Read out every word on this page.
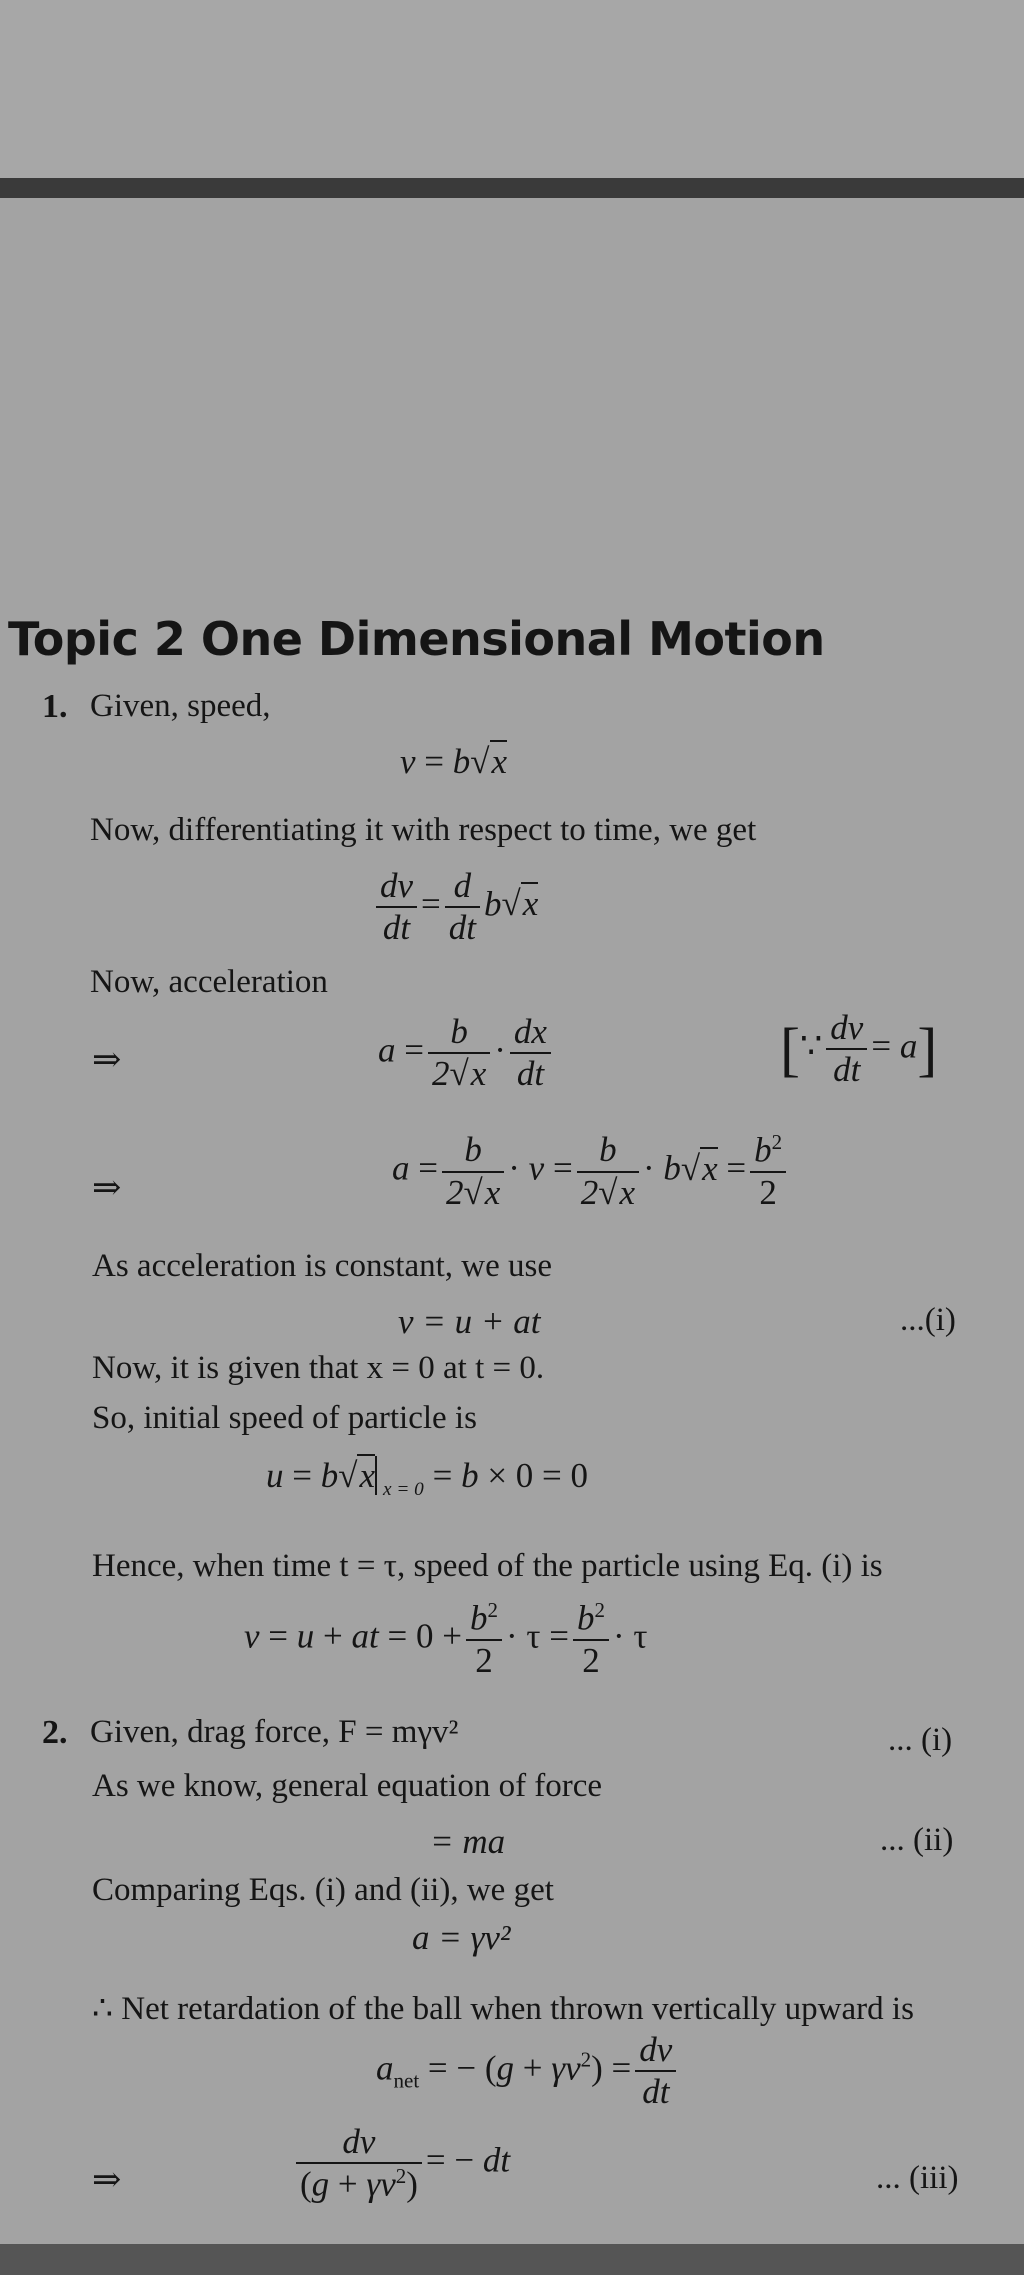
Topic 2 One Dimensional Motion
1. Given, speed,
v = b√x
Now, differentiating it with respect to time, we get
$\frac{dv}{dt} = \frac{d}{dt} b√x$
Now, acceleration
⇒	$a = \frac{b}{2√x} \cdot \frac{dx}{dt}$	[∵ $\frac{dv}{dt} = a$]
⇒	$a = \frac{b}{2√x} \cdot v = \frac{b}{2√x} \cdot b√x = \frac{b^2}{2}$
As acceleration is constant, we use
v = u + at	...(i)
Now, it is given that x = 0 at t = 0.
So, initial speed of particle is
u = b√x $_{x = 0}$ = b × 0 = 0
Hence, when time t = τ, speed of the particle using Eq. (i) is
v = u + at = $0 + \frac{b^2}{2} \cdot \tau = \frac{b^2}{2} \cdot \tau$
2. Given, drag force, F = mγv²	... (i)
As we know, general equation of force
= ma	... (ii)
Comparing Eqs. (i) and (ii), we get
a = γv²
∴ Net retardation of the ball when thrown vertically upward is
$a_{net}$ = − $(g + \gamma v^2) = \frac{dv}{dt}$
⇒	$\frac{dv}{(g + \gamma v^2)}$ = − dt	... (iii)
